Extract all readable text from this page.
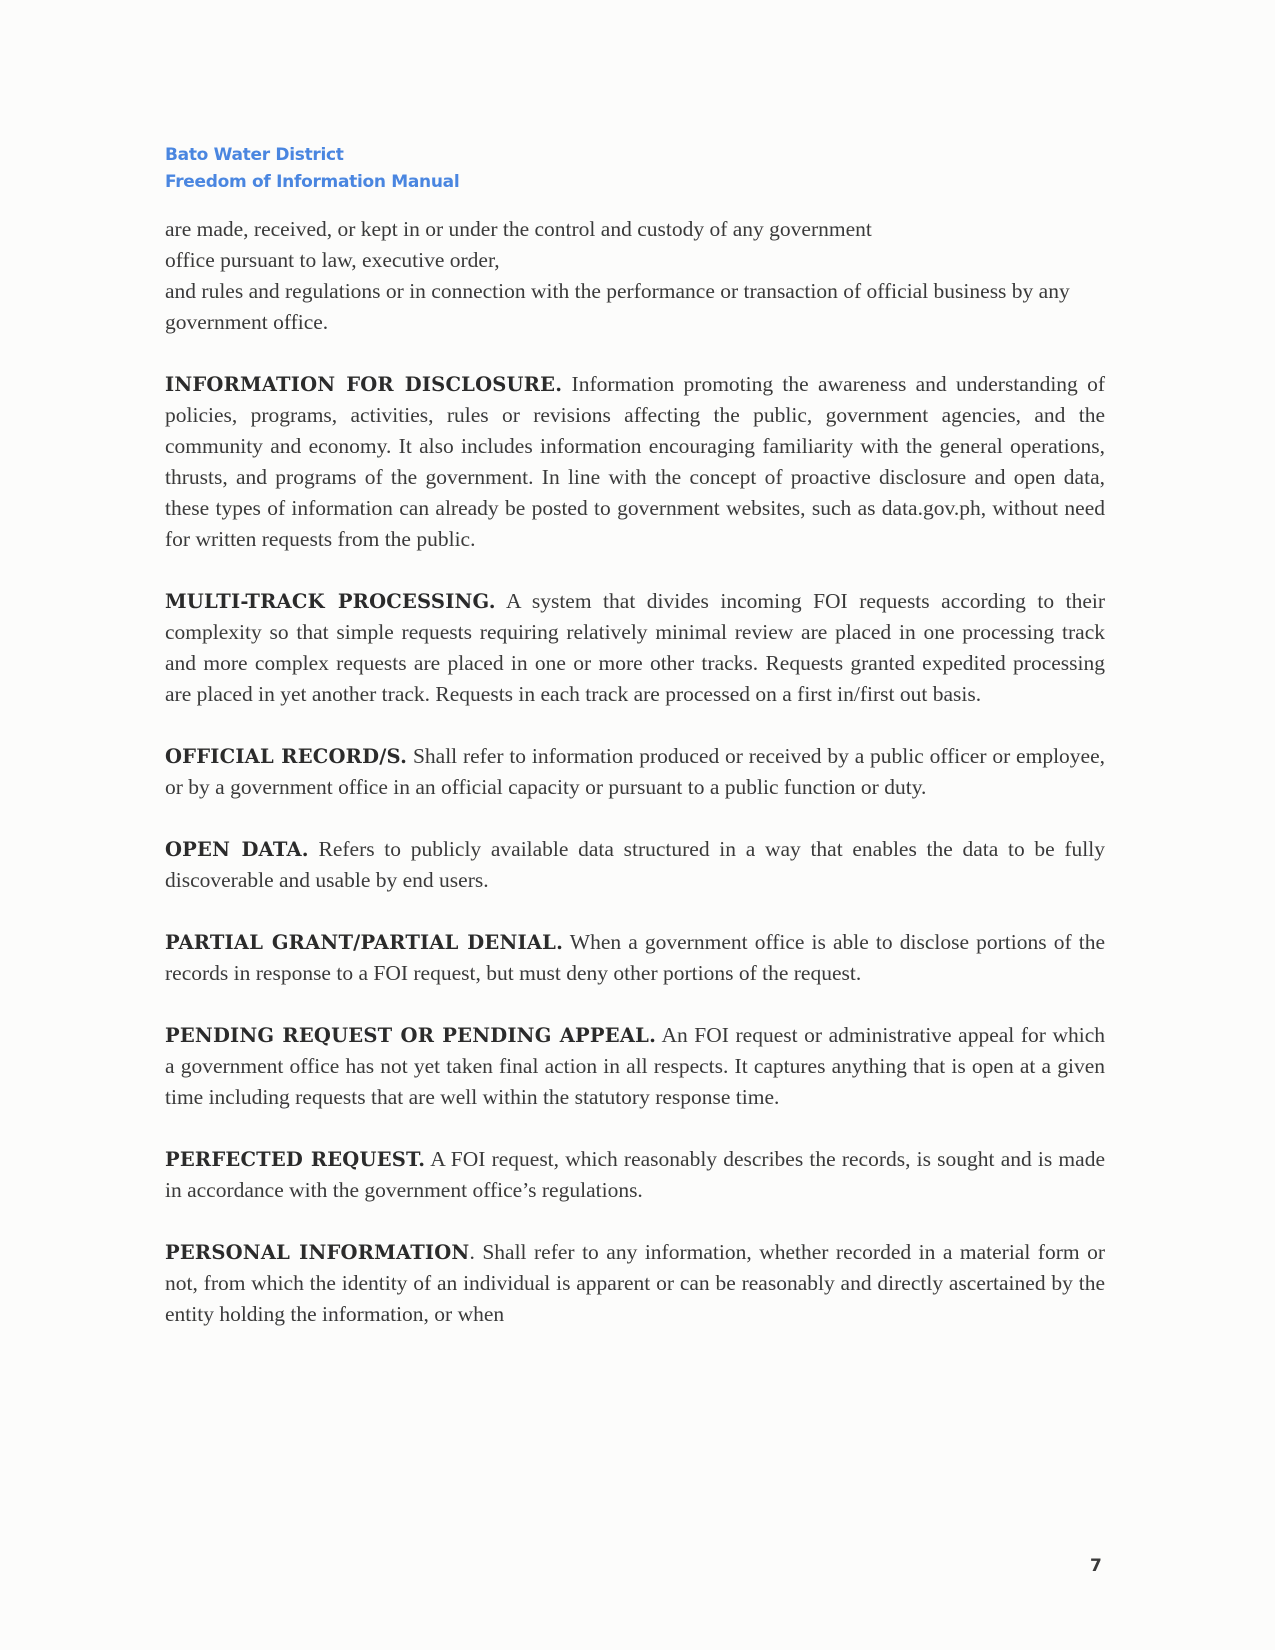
Bato Water District
Freedom of Information Manual

are made, received, or kept in or under the control and custody of any government
office pursuant to law, executive order,
and rules and regulations or in connection with the performance or transaction of official business by any government office.

INFORMATION FOR DISCLOSURE. Information promoting the awareness and understanding of policies, programs, activities, rules or revisions affecting the public, government agencies, and the community and economy. It also includes information encouraging familiarity with the general operations, thrusts, and programs of the government. In line with the concept of proactive disclosure and open data, these types of information can already be posted to government websites, such as data.gov.ph, without need for written requests from the public.

MULTI-TRACK PROCESSING. A system that divides incoming FOI requests according to their complexity so that simple requests requiring relatively minimal review are placed in one processing track and more complex requests are placed in one or more other tracks. Requests granted expedited processing are placed in yet another track. Requests in each track are processed on a first in/first out basis.

OFFICIAL RECORD/S. Shall refer to information produced or received by a public officer or employee, or by a government office in an official capacity or pursuant to a public function or duty.

OPEN DATA. Refers to publicly available data structured in a way that enables the data to be fully discoverable and usable by end users.

PARTIAL GRANT/PARTIAL DENIAL. When a government office is able to disclose portions of the records in response to a FOI request, but must deny other portions of the request.

PENDING REQUEST OR PENDING APPEAL. An FOI request or administrative appeal for which a government office has not yet taken final action in all respects. It captures anything that is open at a given time including requests that are well within the statutory response time.

PERFECTED REQUEST. A FOI request, which reasonably describes the records, is sought and is made in accordance with the government office’s regulations.

PERSONAL INFORMATION. Shall refer to any information, whether recorded in a material form or not, from which the identity of an individual is apparent or can be reasonably and directly ascertained by the entity holding the information, or when

7
